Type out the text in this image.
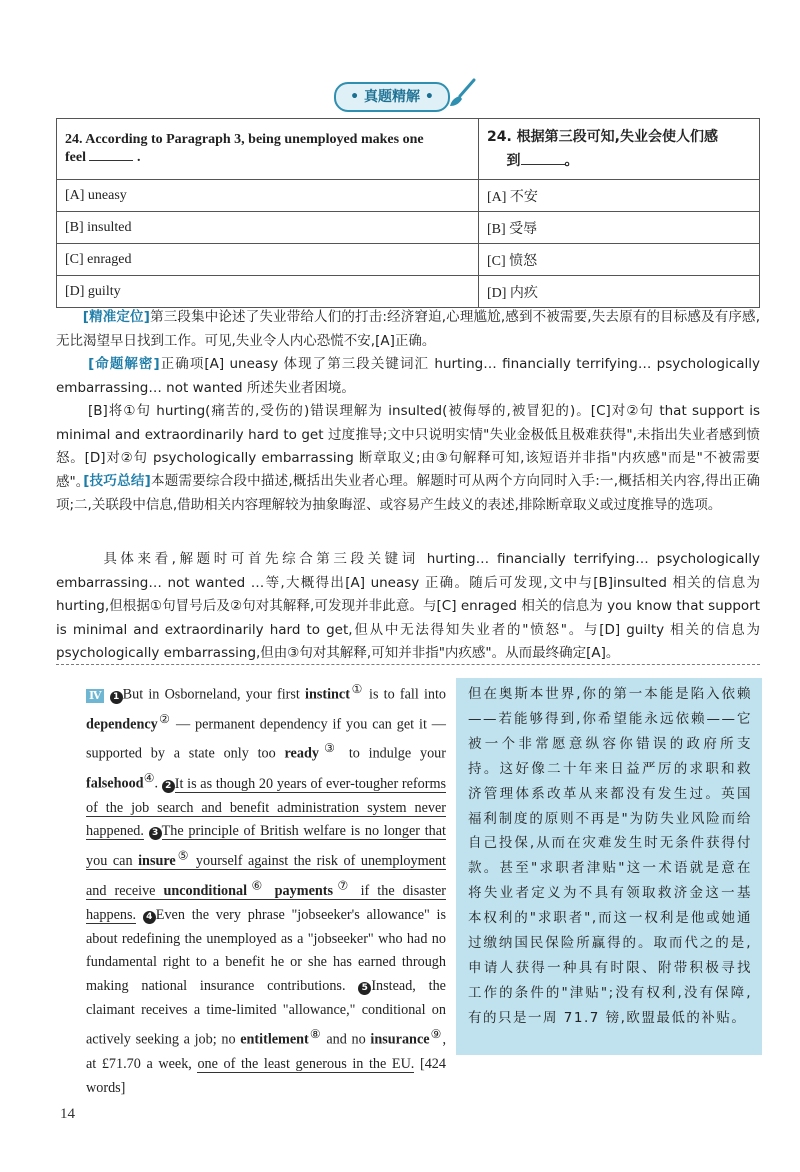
• 真题精解 •
24. According to Paragraph 3, being unemployed makes one
feel .	24. 根据第三段可知,失业会使人们感
到 。
[A] uneasy	[A] 不安
[B] insulted	[B] 受辱
[C] enraged	[C] 愤怒
[D] guilty	[D] 内疚
[精准定位]第三段集中论述了失业带给人们的打击:经济窘迫,心理尴尬,感到不被需要,失去原有的目标感及有序感,无比渴望早日找到工作。可见,失业令人内心恐慌不安,[A]正确。
[命题解密]正确项[A] uneasy 体现了第三段关键词汇 hurting… financially terrifying… psychologically embarrassing… not wanted 所述失业者困境。
[B]将①句 hurting(痛苦的,受伤的)错误理解为 insulted(被侮辱的,被冒犯的)。[C]对②句 that support is minimal and extraordinarily hard to get 过度推导;文中只说明实情"失业金极低且极难获得",未指出失业者感到愤怒。[D]对②句 psychologically embarrassing 断章取义;由③句解释可知,该短语并非指"内疚感"而是"不被需要感"。
[技巧总结]本题需要综合段中描述,概括出失业者心理。解题时可从两个方向同时入手:一,概括相关内容,得出正确项;二,关联段中信息,借助相关内容理解较为抽象晦涩、或容易产生歧义的表述,排除断章取义或过度推导的选项。
具体来看,解题时可首先综合第三段关键词 hurting… financially terrifying… psychologically embarrassing… not wanted …等,大概得出[A] uneasy 正确。随后可发现,文中与[B]insulted 相关的信息为 hurting,但根据①句冒号后及②句对其解释,可发现并非此意。与[C] enraged 相关的信息为 you know that support is minimal and extraordinarily hard to get,但从中无法得知失业者的"愤怒"。与[D] guilty 相关的信息为 psychologically embarrassing,但由③句对其解释,可知并非指"内疚感"。从而最终确定[A]。
Ⅳ 1 But in Osborneland, your first instinct① is to fall into dependency② — permanent dependency if you can get it — supported by a state only too ready③ to indulge your falsehood④. 2 It is as though 20 years of ever-tougher reforms of the job search and benefit administration system never happened. 3 The principle of British welfare is no longer that you can insure⑤ yourself against the risk of unemployment and receive unconditional⑥ payments⑦ if the disaster happens. 4 Even the very phrase "jobseeker's allowance" is about redefining the unemployed as a "jobseeker" who had no fundamental right to a benefit he or she has earned through making national insurance contributions. 5 Instead, the claimant receives a time-limited "allowance," conditional on actively seeking a job; no entitlement⑧ and no insurance⑨, at £71.70 a week, one of the least generous in the EU. [424 words]
但在奥斯本世界,你的第一本能是陷入依赖——若能够得到,你希望能永远依赖——它被一个非常愿意纵容你错误的政府所支持。这好像二十年来日益严厉的求职和救济管理体系改革从来都没有发生过。英国福利制度的原则不再是"为防失业风险而给自己投保,从而在灾难发生时无条件获得付款。甚至"求职者津贴"这一术语就是意在将失业者定义为不具有领取救济金这一基本权利的"求职者",而这一权利是他或她通过缴纳国民保险所赢得的。取而代之的是,申请人获得一种具有时限、附带积极寻找工作的条件的"津贴";没有权利,没有保障,有的只是一周 71.7 镑,欧盟最低的补贴。
14
